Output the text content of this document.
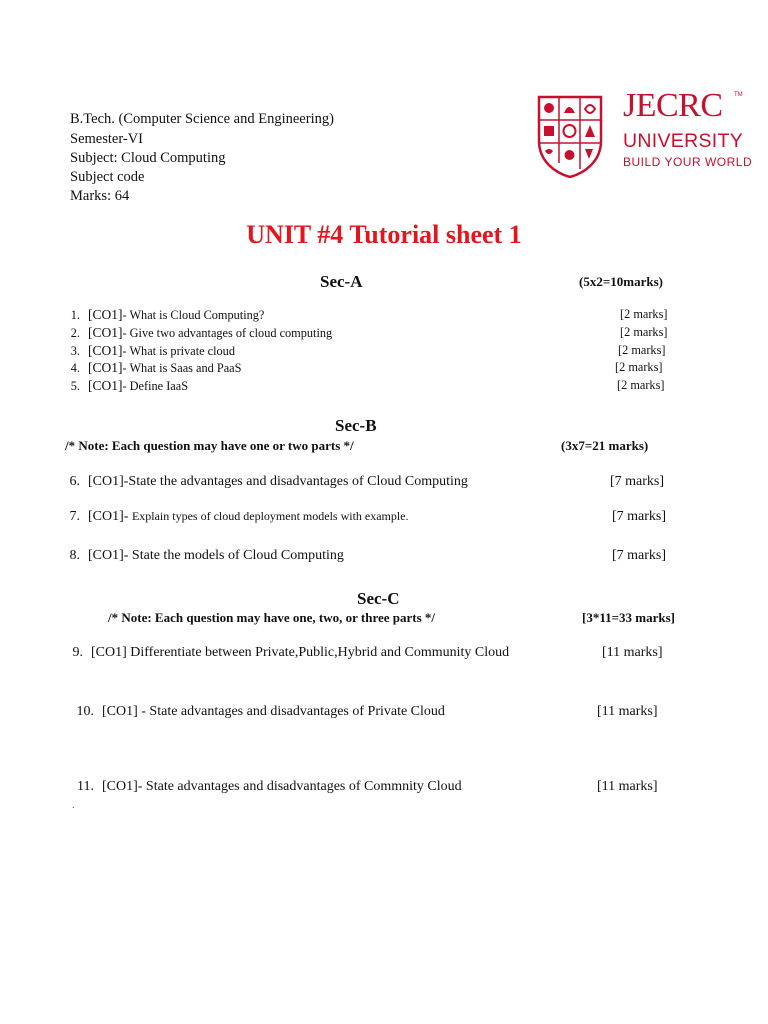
B.Tech. (Computer Science and Engineering)
Semester-VI
Subject: Cloud Computing
Subject code
Marks: 64
JECRC TM
UNIVERSITY
BUILD YOUR WORLD
UNIT #4 Tutorial sheet 1
Sec-A	(5x2=10marks)
1. [CO1]- What is Cloud Computing?	[2 marks]
2. [CO1]- Give two advantages of cloud computing	[2 marks]
3. [CO1]- What is private cloud	[2 marks]
4. [CO1]- What is Saas and PaaS	[2 marks]
5. [CO1]- Define IaaS	[2 marks]
Sec-B
/* Note: Each question may have one or two parts */	(3x7=21 marks)
6. [CO1]-State the advantages and disadvantages of Cloud Computing	[7 marks]
7. [CO1]- Explain types of cloud deployment models with example.	[7 marks]
8. [CO1]- State the models of Cloud Computing	[7 marks]
Sec-C
/* Note: Each question may have one, two, or three parts */	[3*11=33 marks]
9. [CO1] Differentiate between Private,Public,Hybrid and Community Cloud	[11 marks]
10. [CO1] - State advantages and disadvantages of Private Cloud	[11 marks]
11. [CO1]- State advantages and disadvantages of Commnity Cloud	[11 marks]
.
